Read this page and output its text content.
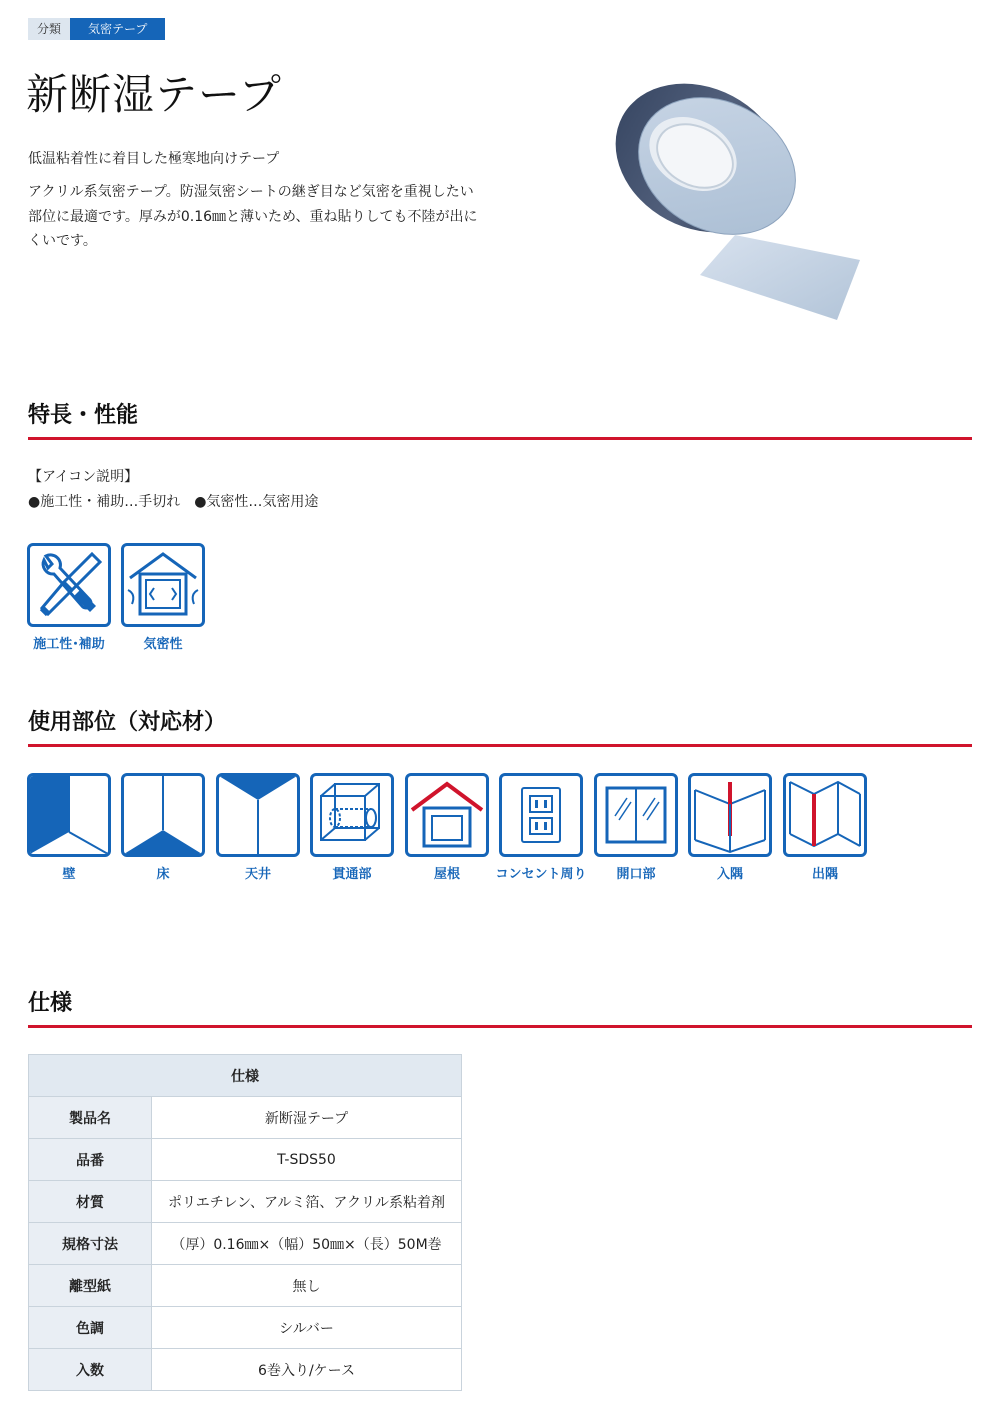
分類	気密テープ
新断湿テープ
低温粘着性に着目した極寒地向けテープ
アクリル系気密テープ。防湿気密シートの継ぎ目など気密を重視したい部位に最適です。厚みが0.16㎜と薄いため、重ね貼りしても不陸が出にくいです。
特長・性能
【アイコン説明】
●施工性・補助…手切れ　●気密性…気密用途
施工性･補助	気密性
使用部位（対応材）
壁	床	天井	貫通部	屋根	コンセント周り	開口部	入隅	出隅
仕様
仕様	
製品名	新断湿テープ
品番	T-SDS50
材質	ポリエチレン、アルミ箔、アクリル系粘着剤
規格寸法	（厚）0.16㎜×（幅）50㎜×（長）50M巻
離型紙	無し
色調	シルバー
入数	6巻入り/ケース
